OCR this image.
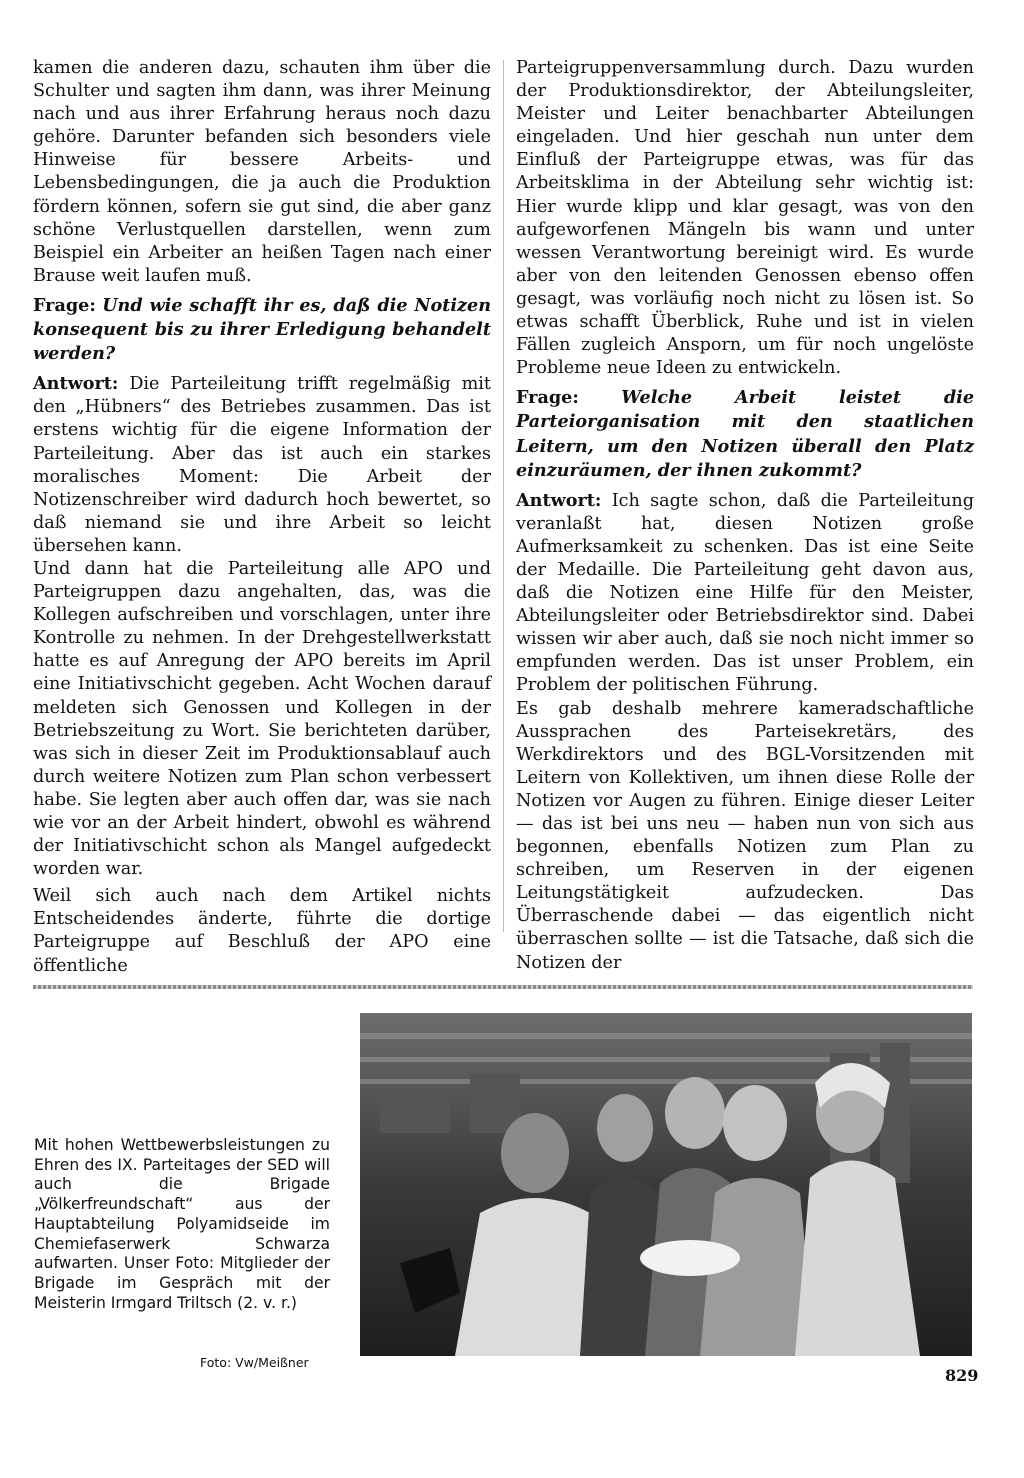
kamen die anderen dazu, schauten ihm über die Schulter und sagten ihm dann, was ihrer Meinung nach und aus ihrer Erfahrung heraus noch dazu gehöre. Darunter befanden sich besonders viele Hinweise für bessere Arbeits- und Lebensbedingungen, die ja auch die Produktion fördern können, sofern sie gut sind, die aber ganz schöne Verlustquellen darstellen, wenn zum Beispiel ein Arbeiter an heißen Tagen nach einer Brause weit laufen muß.

Frage: Und wie schafft ihr es, daß die Notizen konsequent bis zu ihrer Erledigung behandelt werden?

Antwort: Die Parteileitung trifft regelmäßig mit den „Hübners“ des Betriebes zusammen. Das ist erstens wichtig für die eigene Information der Parteileitung. Aber das ist auch ein starkes moralisches Moment: Die Arbeit der Notizenschreiber wird dadurch hoch bewertet, so daß niemand sie und ihre Arbeit so leicht übersehen kann.

Und dann hat die Parteileitung alle APO und Parteigruppen dazu angehalten, das, was die Kollegen aufschreiben und vorschlagen, unter ihre Kontrolle zu nehmen. In der Drehgestellwerkstatt hatte es auf Anregung der APO bereits im April eine Initiativschicht gegeben. Acht Wochen darauf meldeten sich Genossen und Kollegen in der Betriebszeitung zu Wort. Sie berichteten darüber, was sich in dieser Zeit im Produktionsablauf auch durch weitere Notizen zum Plan schon verbessert habe. Sie legten aber auch offen dar, was sie nach wie vor an der Arbeit hindert, obwohl es während der Initiativschicht schon als Mangel aufgedeckt worden war.

Weil sich auch nach dem Artikel nichts Entscheidendes änderte, führte die dortige Parteigruppe auf Beschluß der APO eine öffentliche

Parteigruppenversammlung durch. Dazu wurden der Produktionsdirektor, der Abteilungsleiter, Meister und Leiter benachbarter Abteilungen eingeladen. Und hier geschah nun unter dem Einfluß der Parteigruppe etwas, was für das Arbeitsklima in der Abteilung sehr wichtig ist: Hier wurde klipp und klar gesagt, was von den aufgeworfenen Mängeln bis wann und unter wessen Verantwortung bereinigt wird. Es wurde aber von den leitenden Genossen ebenso offen gesagt, was vorläufig noch nicht zu lösen ist. So etwas schafft Überblick, Ruhe und ist in vielen Fällen zugleich Ansporn, um für noch ungelöste Probleme neue Ideen zu entwickeln.

Frage: Welche Arbeit leistet die Parteiorganisation mit den staatlichen Leitern, um den Notizen überall den Platz einzuräumen, der ihnen zukommt?

Antwort: Ich sagte schon, daß die Parteileitung veranlaßt hat, diesen Notizen große Aufmerksamkeit zu schenken. Das ist eine Seite der Medaille. Die Parteileitung geht davon aus, daß die Notizen eine Hilfe für den Meister, Abteilungsleiter oder Betriebsdirektor sind. Dabei wissen wir aber auch, daß sie noch nicht immer so empfunden werden. Das ist unser Problem, ein Problem der politischen Führung.

Es gab deshalb mehrere kameradschaftliche Aussprachen des Parteisekretärs, des Werkdirektors und des BGL-Vorsitzenden mit Leitern von Kollektiven, um ihnen diese Rolle der Notizen vor Augen zu führen. Einige dieser Leiter — das ist bei uns neu — haben nun von sich aus begonnen, ebenfalls Notizen zum Plan zu schreiben, um Reserven in der eigenen Leitungstätigkeit aufzudecken. Das Überraschende dabei — das eigentlich nicht überraschen sollte — ist die Tatsache, daß sich die Notizen der

Mit hohen Wettbewerbsleistungen zu Ehren des IX. Parteitages der SED will auch die Brigade „Völkerfreundschaft“ aus der Hauptabteilung Polyamidseide im Chemiefaserwerk Schwarza aufwarten. Unser Foto: Mitglieder der Brigade im Gespräch mit der Meisterin Irmgard Triltsch (2. v. r.)
Foto: Vw/Meißner
829
